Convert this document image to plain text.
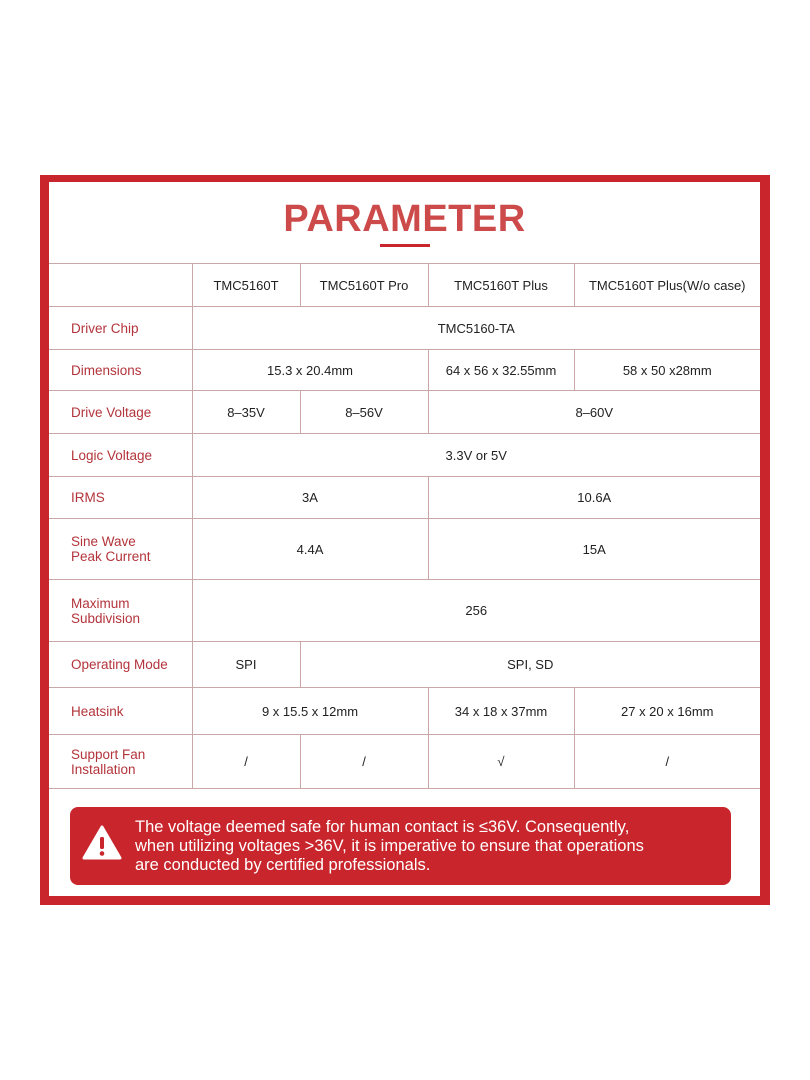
PARAMETER
	TMC5160T	TMC5160T Pro	TMC5160T Plus	TMC5160T Plus(W/o case)
Driver Chip	TMC5160-TA			
Dimensions	15.3 x 20.4mm		64 x 56 x 32.55mm	58 x 50 x28mm
Drive Voltage	8–35V	8–56V	8–60V	
Logic Voltage	3.3V or 5V			
IRMS	3A		10.6A	
Sine Wave
Peak Current	4.4A		15A	
Maximum
Subdivision	256			
Operating Mode	SPI	SPI, SD		
Heatsink	9 x 15.5 x 12mm		34 x 18 x 37mm	27 x 20 x 16mm
Support Fan
Installation	/	/	√	/
The voltage deemed safe for human contact is ≤36V. Consequently,
when utilizing voltages >36V, it is imperative to ensure that operations
are conducted by certified professionals.
